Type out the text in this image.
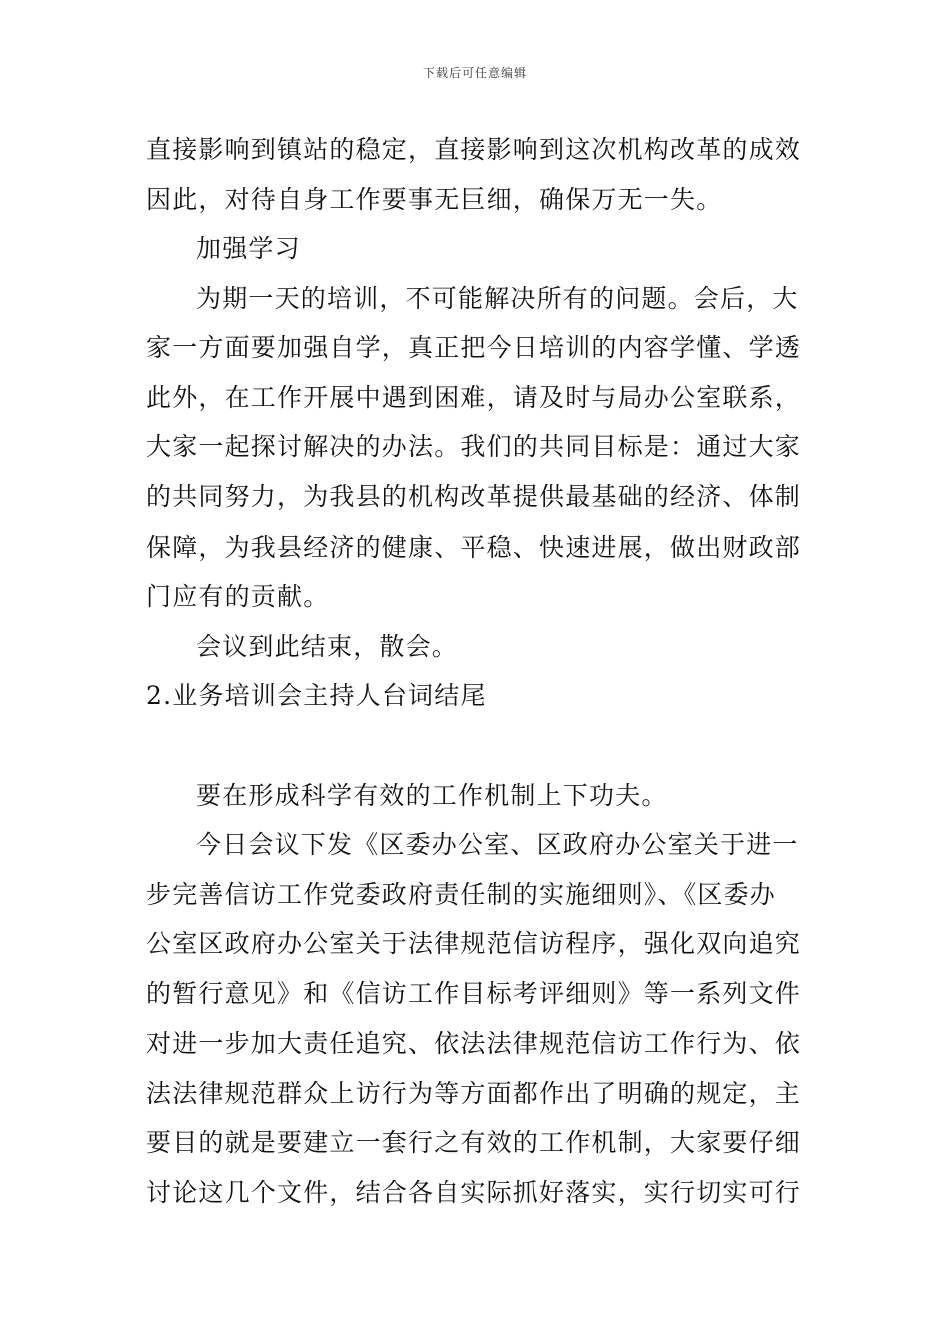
下载后可任意编辑
直接影响到镇站的稳定，直接影响到这次机构改革的成效
因此，对待自身工作要事无巨细，确保万无一失。
加强学习
为期一天的培训，不可能解决所有的问题。会后，大
家一方面要加强自学，真正把今日培训的内容学懂、学透
此外，在工作开展中遇到困难，请及时与局办公室联系，
大家一起探讨解决的办法。我们的共同目标是：通过大家
的共同努力，为我县的机构改革提供最基础的经济、体制
保障，为我县经济的健康、平稳、快速进展，做出财政部
门应有的贡献。
会议到此结束，散会。
2.业务培训会主持人台词结尾
要在形成科学有效的工作机制上下功夫。
今日会议下发《区委办公室、区政府办公室关于进一
步完善信访工作党委政府责任制的实施细则》、《区委办
公室区政府办公室关于法律规范信访程序，强化双向追究
的暂行意见》和《信访工作目标考评细则》等一系列文件
对进一步加大责任追究、依法法律规范信访工作行为、依
法法律规范群众上访行为等方面都作出了明确的规定，主
要目的就是要建立一套行之有效的工作机制，大家要仔细
讨论这几个文件，结合各自实际抓好落实，实行切实可行
